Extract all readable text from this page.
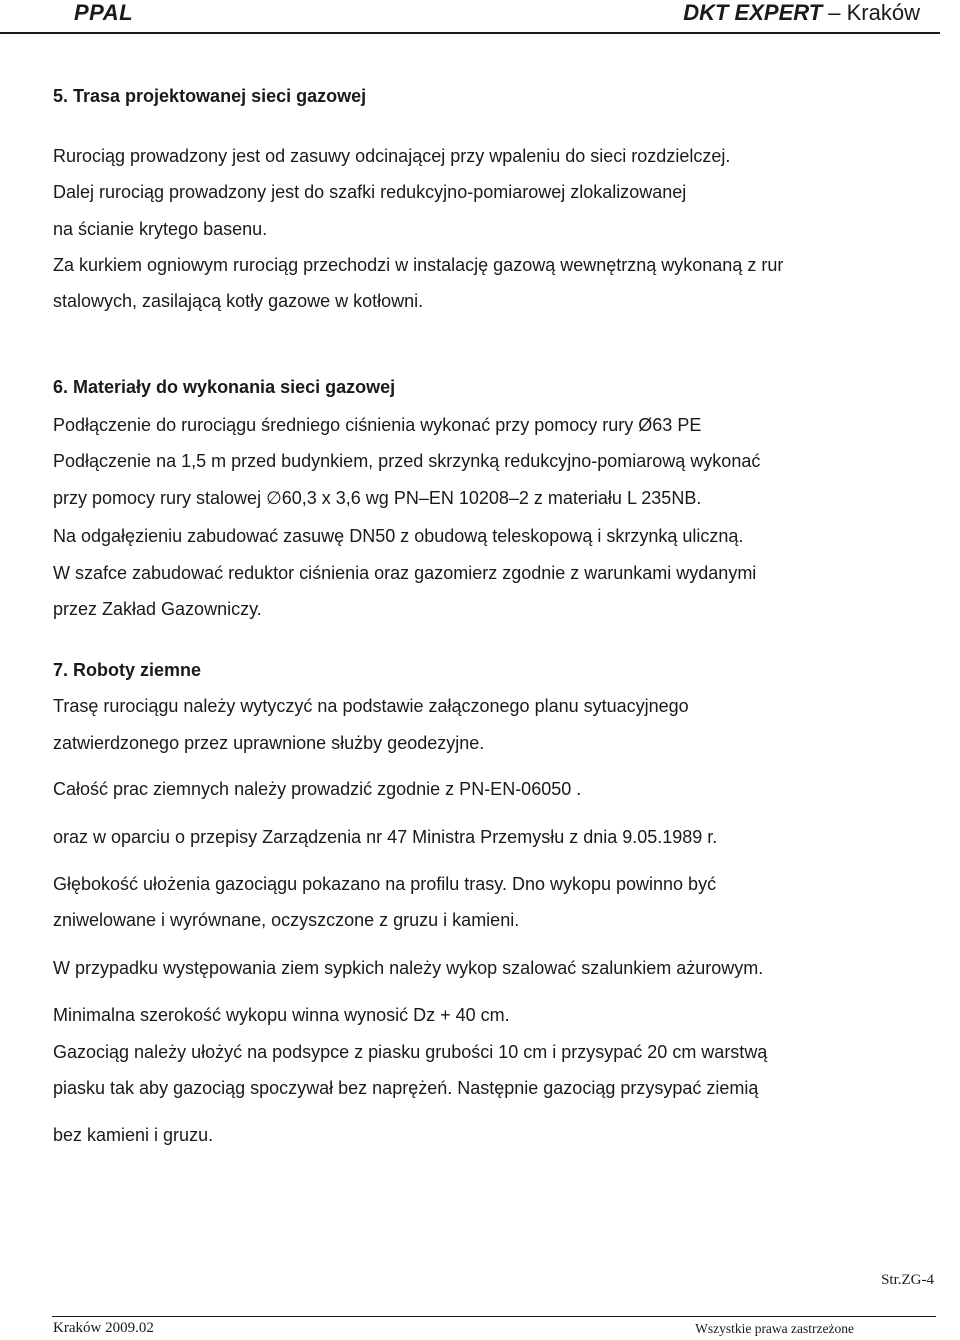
PPAL	DKT EXPERT – Kraków
5. Trasa projektowanej sieci gazowej
Rurociąg prowadzony jest od zasuwy odcinającej przy wpaleniu do sieci rozdzielczej.
Dalej rurociąg prowadzony jest do szafki redukcyjno-pomiarowej zlokalizowanej
na ścianie krytego basenu.
Za kurkiem ogniowym rurociąg przechodzi w instalację gazową wewnętrzną wykonaną z rur
stalowych, zasilającą kotły gazowe w kotłowni.
6. Materiały do wykonania sieci gazowej
Podłączenie do rurociągu średniego ciśnienia wykonać przy pomocy rury Ø63 PE
Podłączenie na 1,5 m przed budynkiem, przed skrzynką redukcyjno-pomiarową wykonać
przy pomocy rury stalowej ∅60,3 x 3,6 wg PN–EN 10208–2 z materiału L 235NB.
Na odgałęzieniu zabudować zasuwę DN50 z obudową teleskopową i skrzynką uliczną.
W szafce zabudować reduktor ciśnienia oraz gazomierz zgodnie z warunkami wydanymi
przez Zakład Gazowniczy.
7. Roboty ziemne
Trasę rurociągu należy wytyczyć na podstawie załączonego planu sytuacyjnego
zatwierdzonego przez uprawnione służby geodezyjne.
Całość prac ziemnych należy prowadzić zgodnie z PN-EN-06050 .
oraz w oparciu o przepisy Zarządzenia nr 47 Ministra Przemysłu z dnia 9.05.1989 r.
Głębokość ułożenia gazociągu pokazano na profilu trasy. Dno wykopu powinno być
zniwelowane i wyrównane, oczyszczone z gruzu i kamieni.
W przypadku występowania ziem sypkich należy wykop szalować szalunkiem ażurowym.
Minimalna szerokość wykopu winna wynosić Dz + 40 cm.
Gazociąg należy ułożyć na podsypce z piasku grubości 10 cm i przysypać 20 cm warstwą
piasku tak aby gazociąg spoczywał bez naprężeń. Następnie gazociąg przysypać ziemią
bez kamieni i gruzu.
Str.ZG-4
Kraków 2009.02	Wszystkie prawa zastrzeżone
